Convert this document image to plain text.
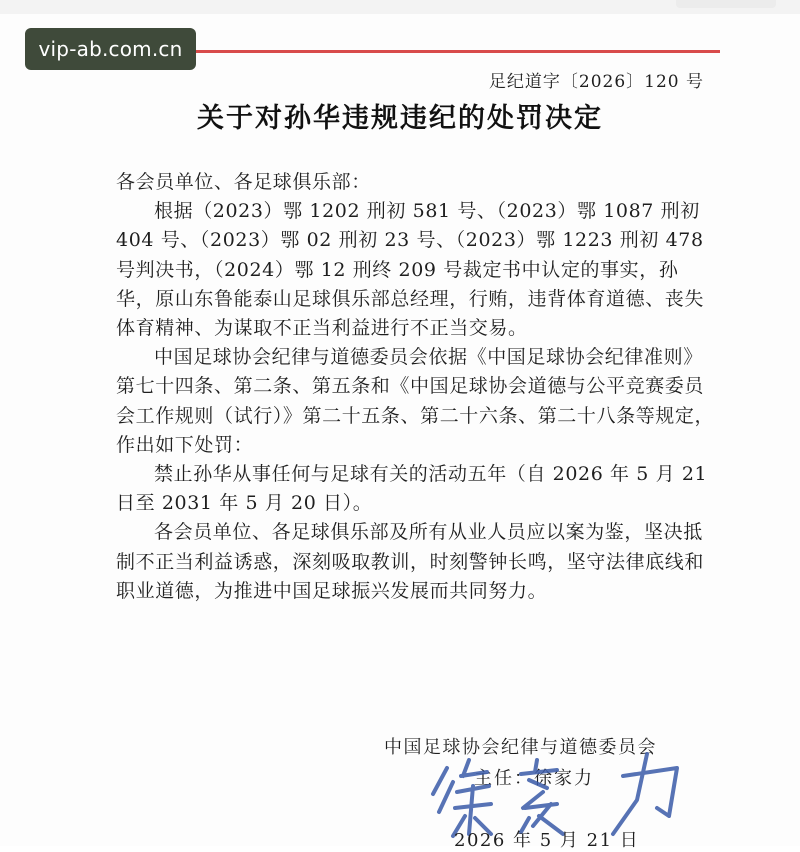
vip-ab.com.cn
足纪道字〔2026〕120 号
关于对孙华违规违纪的处罚决定

各会员单位、各足球俱乐部：

根据（2023）鄂 1202 刑初 581 号、（2023）鄂 1087 刑初 404 号、（2023）鄂 02 刑初 23 号、（2023）鄂 1223 刑初 478 号判决书，（2024）鄂 12 刑终 209 号裁定书中认定的事实，孙华，原山东鲁能泰山足球俱乐部总经理，行贿，违背体育道德、丧失体育精神、为谋取不正当利益进行不正当交易。

中国足球协会纪律与道德委员会依据《中国足球协会纪律准则》第七十四条、第二条、第五条和《中国足球协会道德与公平竞赛委员会工作规则（试行）》第二十五条、第二十六条、第二十八条等规定，作出如下处罚：

禁止孙华从事任何与足球有关的活动五年（自 2026 年 5 月 21 日至 2031 年 5 月 20 日）。

各会员单位、各足球俱乐部及所有从业人员应以案为鉴，坚决抵制不正当利益诱惑，深刻吸取教训，时刻警钟长鸣，坚守法律底线和职业道德，为推进中国足球振兴发展而共同努力。

中国足球协会纪律与道德委员会
主任：徐家力
2026 年 5 月 21 日
